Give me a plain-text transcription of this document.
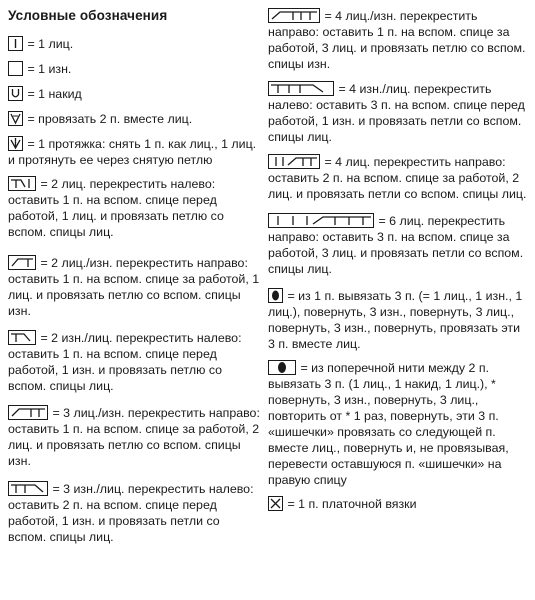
Условные обозначения
= 1 лиц.
= 1 изн.
= 1 накид
= провязать 2 п. вместе лиц.
= 1 протяжка: снять 1 п. как лиц., 1 лиц. и протянуть ее через снятую петлю
= 2 лиц. перекрестить налево: оставить 1 п. на вспом. спице перед работой, 1 лиц. и провязать петлю со вспом. спицы лиц.
= 2 лиц./изн. перекрестить направо: оставить 1 п. на вспом. спице за работой, 1 лиц. и провязать петлю со вспом. спицы изн.
= 2 изн./лиц. перекрестить налево: оставить 1 п. на вспом. спице перед работой, 1 изн. и провязать петлю со вспом. спицы лиц.
= 3 лиц./изн. перекрестить направо: оставить 1 п. на вспом. спице за работой, 2 лиц. и провязать петлю со вспом. спицы изн.
= 3 изн./лиц. перекрестить налево: оставить 2 п. на вспом. спице перед работой, 1 изн. и провязать петли со вспом. спицы лиц.
= 4 лиц./изн. перекрестить направо: оставить 1 п. на вспом. спице за работой, 3 лиц. и провязать петлю со вспом. спицы изн.
= 4 изн./лиц. перекрестить налево: оставить 3 п. на вспом. спице перед работой, 1 изн. и провязать петли со вспом. спицы лиц.
= 4 лиц. перекрестить направо: оставить 2 п. на вспом. спице за работой, 2 лиц. и провязать петли со вспом. спицы лиц.
= 6 лиц. перекрестить направо: оставить 3 п. на вспом. спице за работой, 3 лиц. и провязать петли со вспом. спицы лиц.
= из 1 п. вывязать 3 п. (= 1 лиц., 1 изн., 1 лиц.), повернуть, 3 изн., повернуть, 3 лиц., повернуть, 3 изн., повернуть, провязать эти 3 п. вместе лиц.
= из поперечной нити между 2 п. вывязать 3 п. (1 лиц., 1 накид, 1 лиц.), * повернуть, 3 изн., повернуть, 3 лиц., повторить от * 1 раз, повернуть, эти 3 п. «шишечки» провязать со следующей п. вместе лиц., повернуть и, не провязывая, перевести оставшуюся п. «шишечки» на правую спицу
= 1 п. платочной вязки
